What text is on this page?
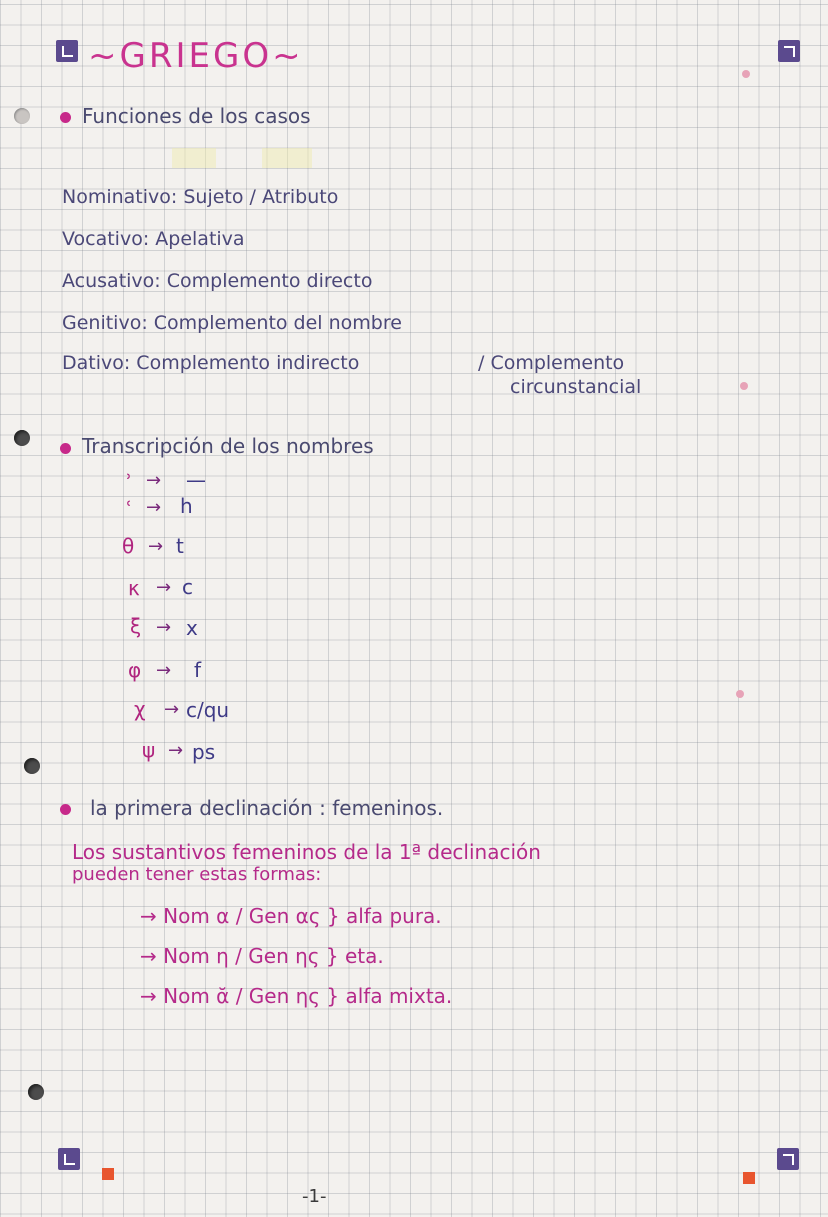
~GRIEGO~
Funciones de los casos
Nominativo: Sujeto / Atributo
Vocativo: Apelativa
Acusativo: Complemento directo
Genitivo: Complemento del nombre
Dativo: Complemento indirecto	/ Complemento
circunstancial
Transcripción de los nombres
ʾ → —
ʿ → h
θ → t
κ → c
ξ → x
φ → f
χ → c/qu
ψ → ps
la primera declinación : femeninos.
Los sustantivos femeninos de la 1ª declinación
pueden tener estas formas:
→ Nom α / Gen ας } alfa pura.
→ Nom η / Gen ης } eta.
→ Nom ᾰ / Gen ης } alfa mixta.
-1-
